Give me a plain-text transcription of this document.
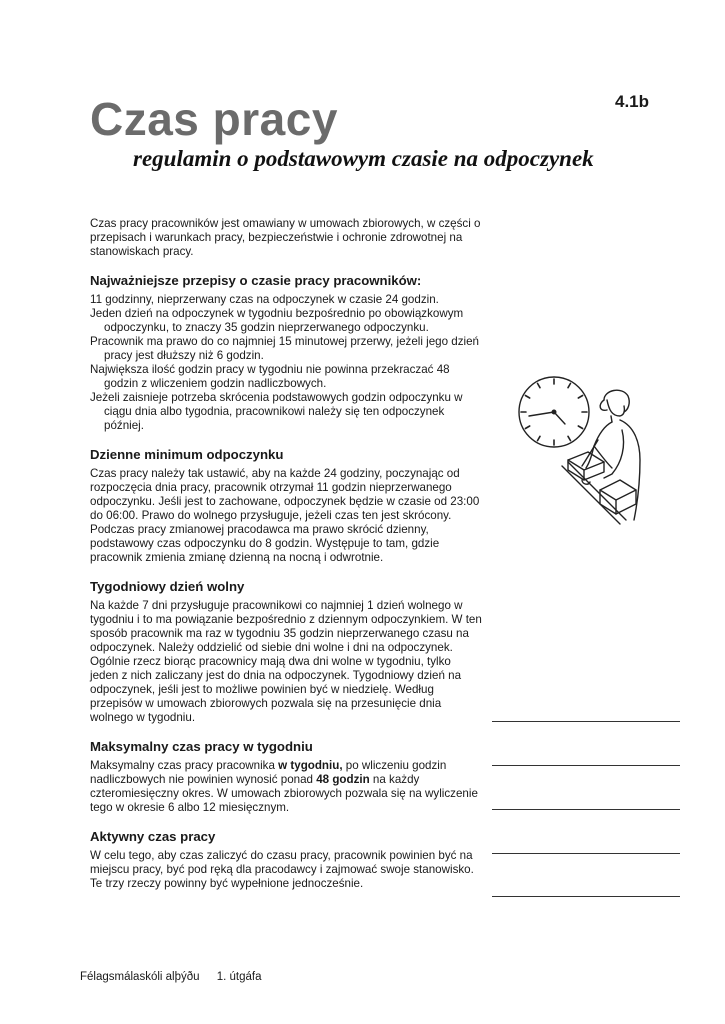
Czas pracy	4.1b
regulamin o podstawowym czasie na odpoczynek

Czas pracy pracowników jest omawiany w umowach zbiorowych, w części o przepisach i warunkach pracy, bezpieczeństwie i ochronie zdrowotnej na stanowiskach pracy.

Najważniejsze przepisy o czasie pracy pracowników:

11 godzinny, nieprzerwany czas na odpoczynek w czasie 24 godzin.

Jeden dzień na odpoczynek w tygodniu bezpośrednio po obowiązkowym odpoczynku, to znaczy 35 godzin nieprzerwanego odpoczynku.

Pracownik ma prawo do co najmniej 15 minutowej przerwy, jeżeli jego dzień pracy jest dłuższy niż 6 godzin.

Największa ilość godzin pracy w tygodniu nie powinna przekraczać 48 godzin z wliczeniem godzin nadliczbowych.

Jeżeli zaisnieje potrzeba skrócenia podstawowych godzin odpoczynku w ciągu dnia albo tygodnia, pracownikowi należy się ten odpoczynek później.

Dzienne minimum odpoczynku

Czas pracy należy tak ustawić, aby na każde 24 godziny, poczynając od rozpoczęcia dnia pracy, pracownik otrzymał 11 godzin nieprzerwanego odpoczynku. Jeśli jest to zachowane, odpoczynek będzie w czasie od 23:00 do 06:00. Prawo do wolnego przysługuje, jeżeli czas ten jest skrócony.

Podczas pracy zmianowej pracodawca ma prawo skrócić dzienny, podstawowy czas odpoczynku do 8 godzin. Występuje to tam, gdzie pracownik zmienia zmianę dzienną na nocną i odwrotnie.

Tygodniowy dzień wolny

Na każde 7 dni przysługuje pracownikowi co najmniej 1 dzień wolnego w tygodniu i to ma powiązanie bezpośrednio z dziennym odpoczynkiem. W ten sposób pracownik ma raz w tygodniu 35 godzin nieprzerwanego czasu na odpoczynek. Należy oddzielić od siebie dni wolne i dni na odpoczynek. Ogólnie rzecz biorąc pracownicy mają dwa dni wolne w tygodniu, tylko jeden z nich zaliczany jest do dnia na odpoczynek. Tygodniowy dzień na odpoczynek, jeśli jest to możliwe powinien być w niedzielę. Według przepisów w umowach zbiorowych pozwala się na przesunięcie dnia wolnego w tygodniu.

Maksymalny czas pracy w tygodniu

Maksymalny czas pracy pracownika w tygodniu, po wliczeniu godzin nadliczbowych nie powinien wynosić ponad 48 godzin na każdy czteromiesięczny okres. W umowach zbiorowych pozwala się na wyliczenie tego w okresie 6 albo 12 miesięcznym.

Aktywny czas pracy

W celu tego, aby czas zaliczyć do czasu pracy, pracownik powinien być na miejscu pracy, być pod ręką dla pracodawcy i zajmować swoje stanowisko. Te trzy rzeczy powinny być wypełnione jednocześnie.

Félagsmálaskóli alþýðu 1. útgáfa
